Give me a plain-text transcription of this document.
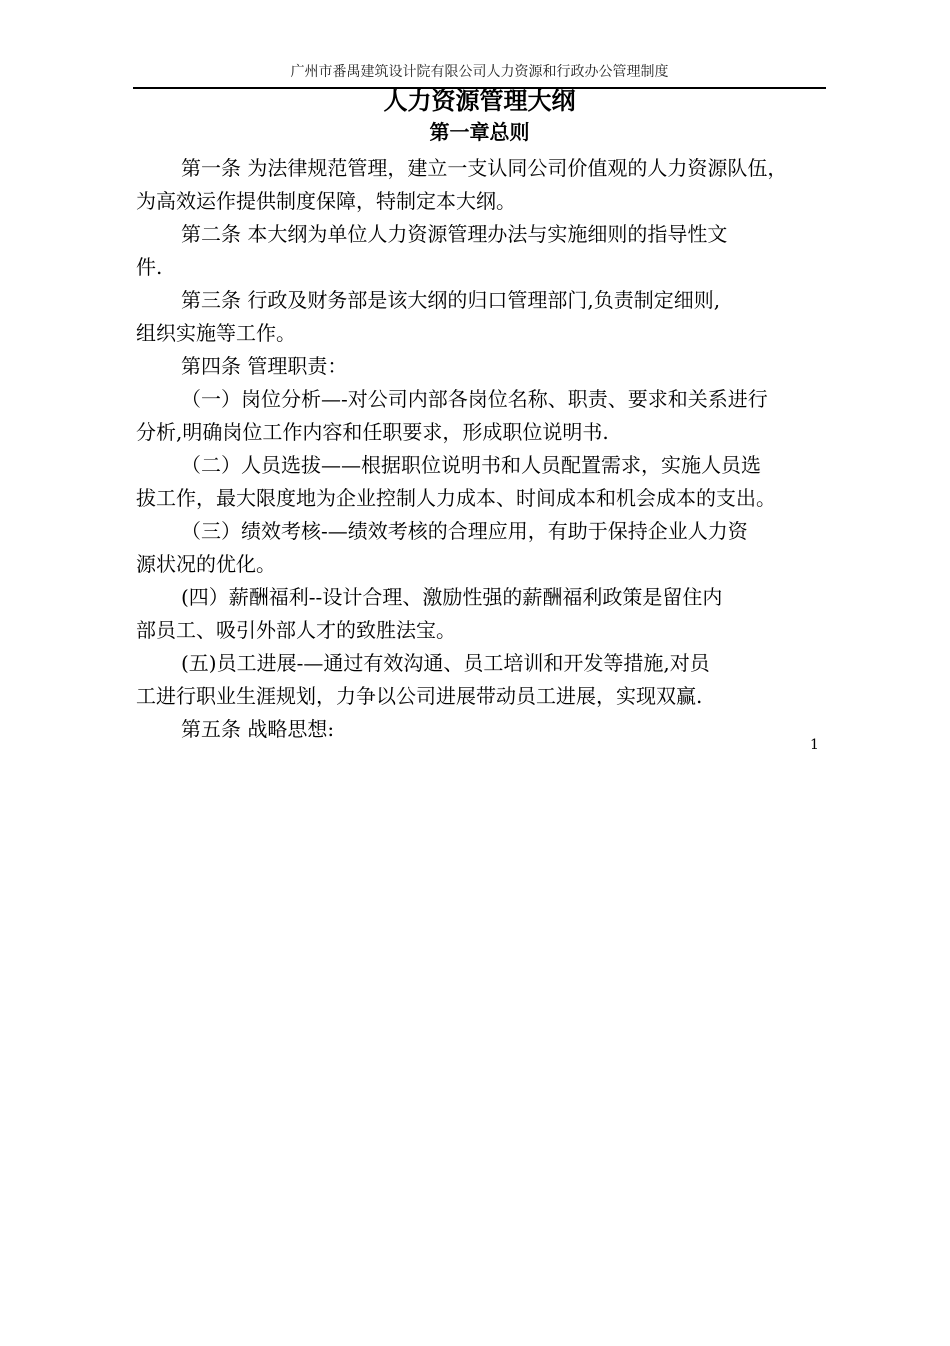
广州市番禺建筑设计院有限公司人力资源和行政办公管理制度
人力资源管理大纲
第一章总则

第一条 为法律规范管理，建立一支认同公司价值观的人力资源队伍，
为高效运作提供制度保障，特制定本大纲。

第二条 本大纲为单位人力资源管理办法与实施细则的指导性文
件.

第三条 行政及财务部是该大纲的归口管理部门,负责制定细则,
组织实施等工作。

第四条 管理职责：

（一）岗位分析—-对公司内部各岗位名称、职责、要求和关系进行
分析,明确岗位工作内容和任职要求，形成职位说明书.

（二）人员选拔——根据职位说明书和人员配置需求，实施人员选
拔工作，最大限度地为企业控制人力成本、时间成本和机会成本的支出。

（三）绩效考核-—绩效考核的合理应用，有助于保持企业人力资
源状况的优化。

(四）薪酬福利--设计合理、激励性强的薪酬福利政策是留住内
部员工、吸引外部人才的致胜法宝。

(五)员工进展-—通过有效沟通、员工培训和开发等措施,对员
工进行职业生涯规划，力争以公司进展带动员工进展，实现双赢.

第五条 战略思想:

1
